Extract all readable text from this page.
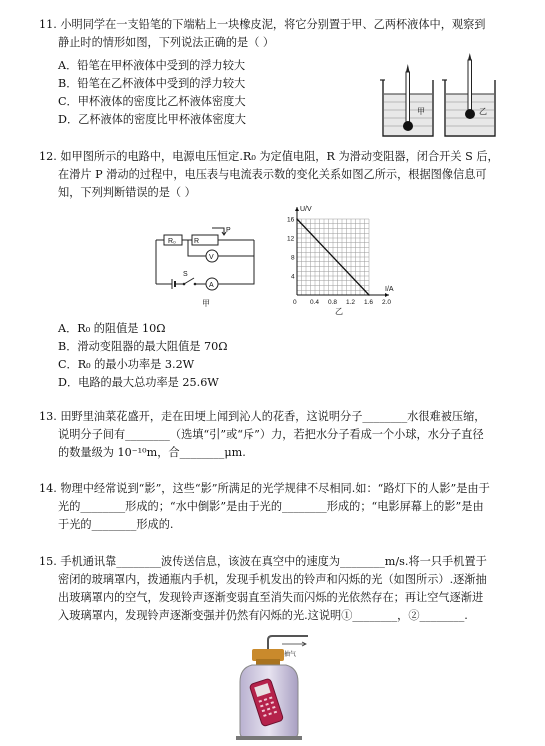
11. 小明同学在一支铅笔的下端粘上一块橡皮泥，将它分别置于甲、乙两杯液体中，观察到
静止时的情形如图，下列说法正确的是（ ）
A．铅笔在甲杯液体中受到的浮力较大
B．铅笔在乙杯液体中受到的浮力较大
C．甲杯液体的密度比乙杯液体密度大
D．乙杯液体的密度比甲杯液体密度大
甲	乙
12. 如甲图所示的电路中，电源电压恒定.R₀ 为定值电阻，R 为滑动变阻器，闭合开关 S 后，
在滑片 P 滑动的过程中，电压表与电流表示数的变化关系如图乙所示，根据图像信息可
知，下列判断错误的是（ ）
R₀	R
P
V
A
S
甲
I/A
U/V
0 0.4 0.8 1.2 1.6 2.0
4
8
12
16
乙
A．R₀ 的阻值是 10Ω
B．滑动变阻器的最大阻值是 70Ω
C．R₀ 的最小功率是 3.2W
D．电路的最大总功率是 25.6W
13. 田野里油菜花盛开，走在田埂上闻到沁人的花香，这说明分子________水很难被压缩，
说明分子间有________（选填“引”或“斥”）力，若把水分子看成一个小球，水分子直径
的数量级为 10⁻¹⁰m，合________μm.
14. 物理中经常说到“影”，这些“影”所满足的光学规律不尽相同.如：“路灯下的人影”是由于
光的________形成的；“水中倒影”是由于光的________形成的；“电影屏幕上的影”是由
于光的________形成的.
15. 手机通讯靠________波传送信息，该波在真空中的速度为________m/s.将一只手机置于
密闭的玻璃罩内，拨通瓶内手机，发现手机发出的铃声和闪烁的光（如图所示）.逐渐抽
出玻璃罩内的空气，发现铃声逐渐变弱直至消失而闪烁的光依然存在；再让空气逐渐进
入玻璃罩内，发现铃声逐渐变强并仍然有闪烁的光.这说明①________，②________.
抽气
